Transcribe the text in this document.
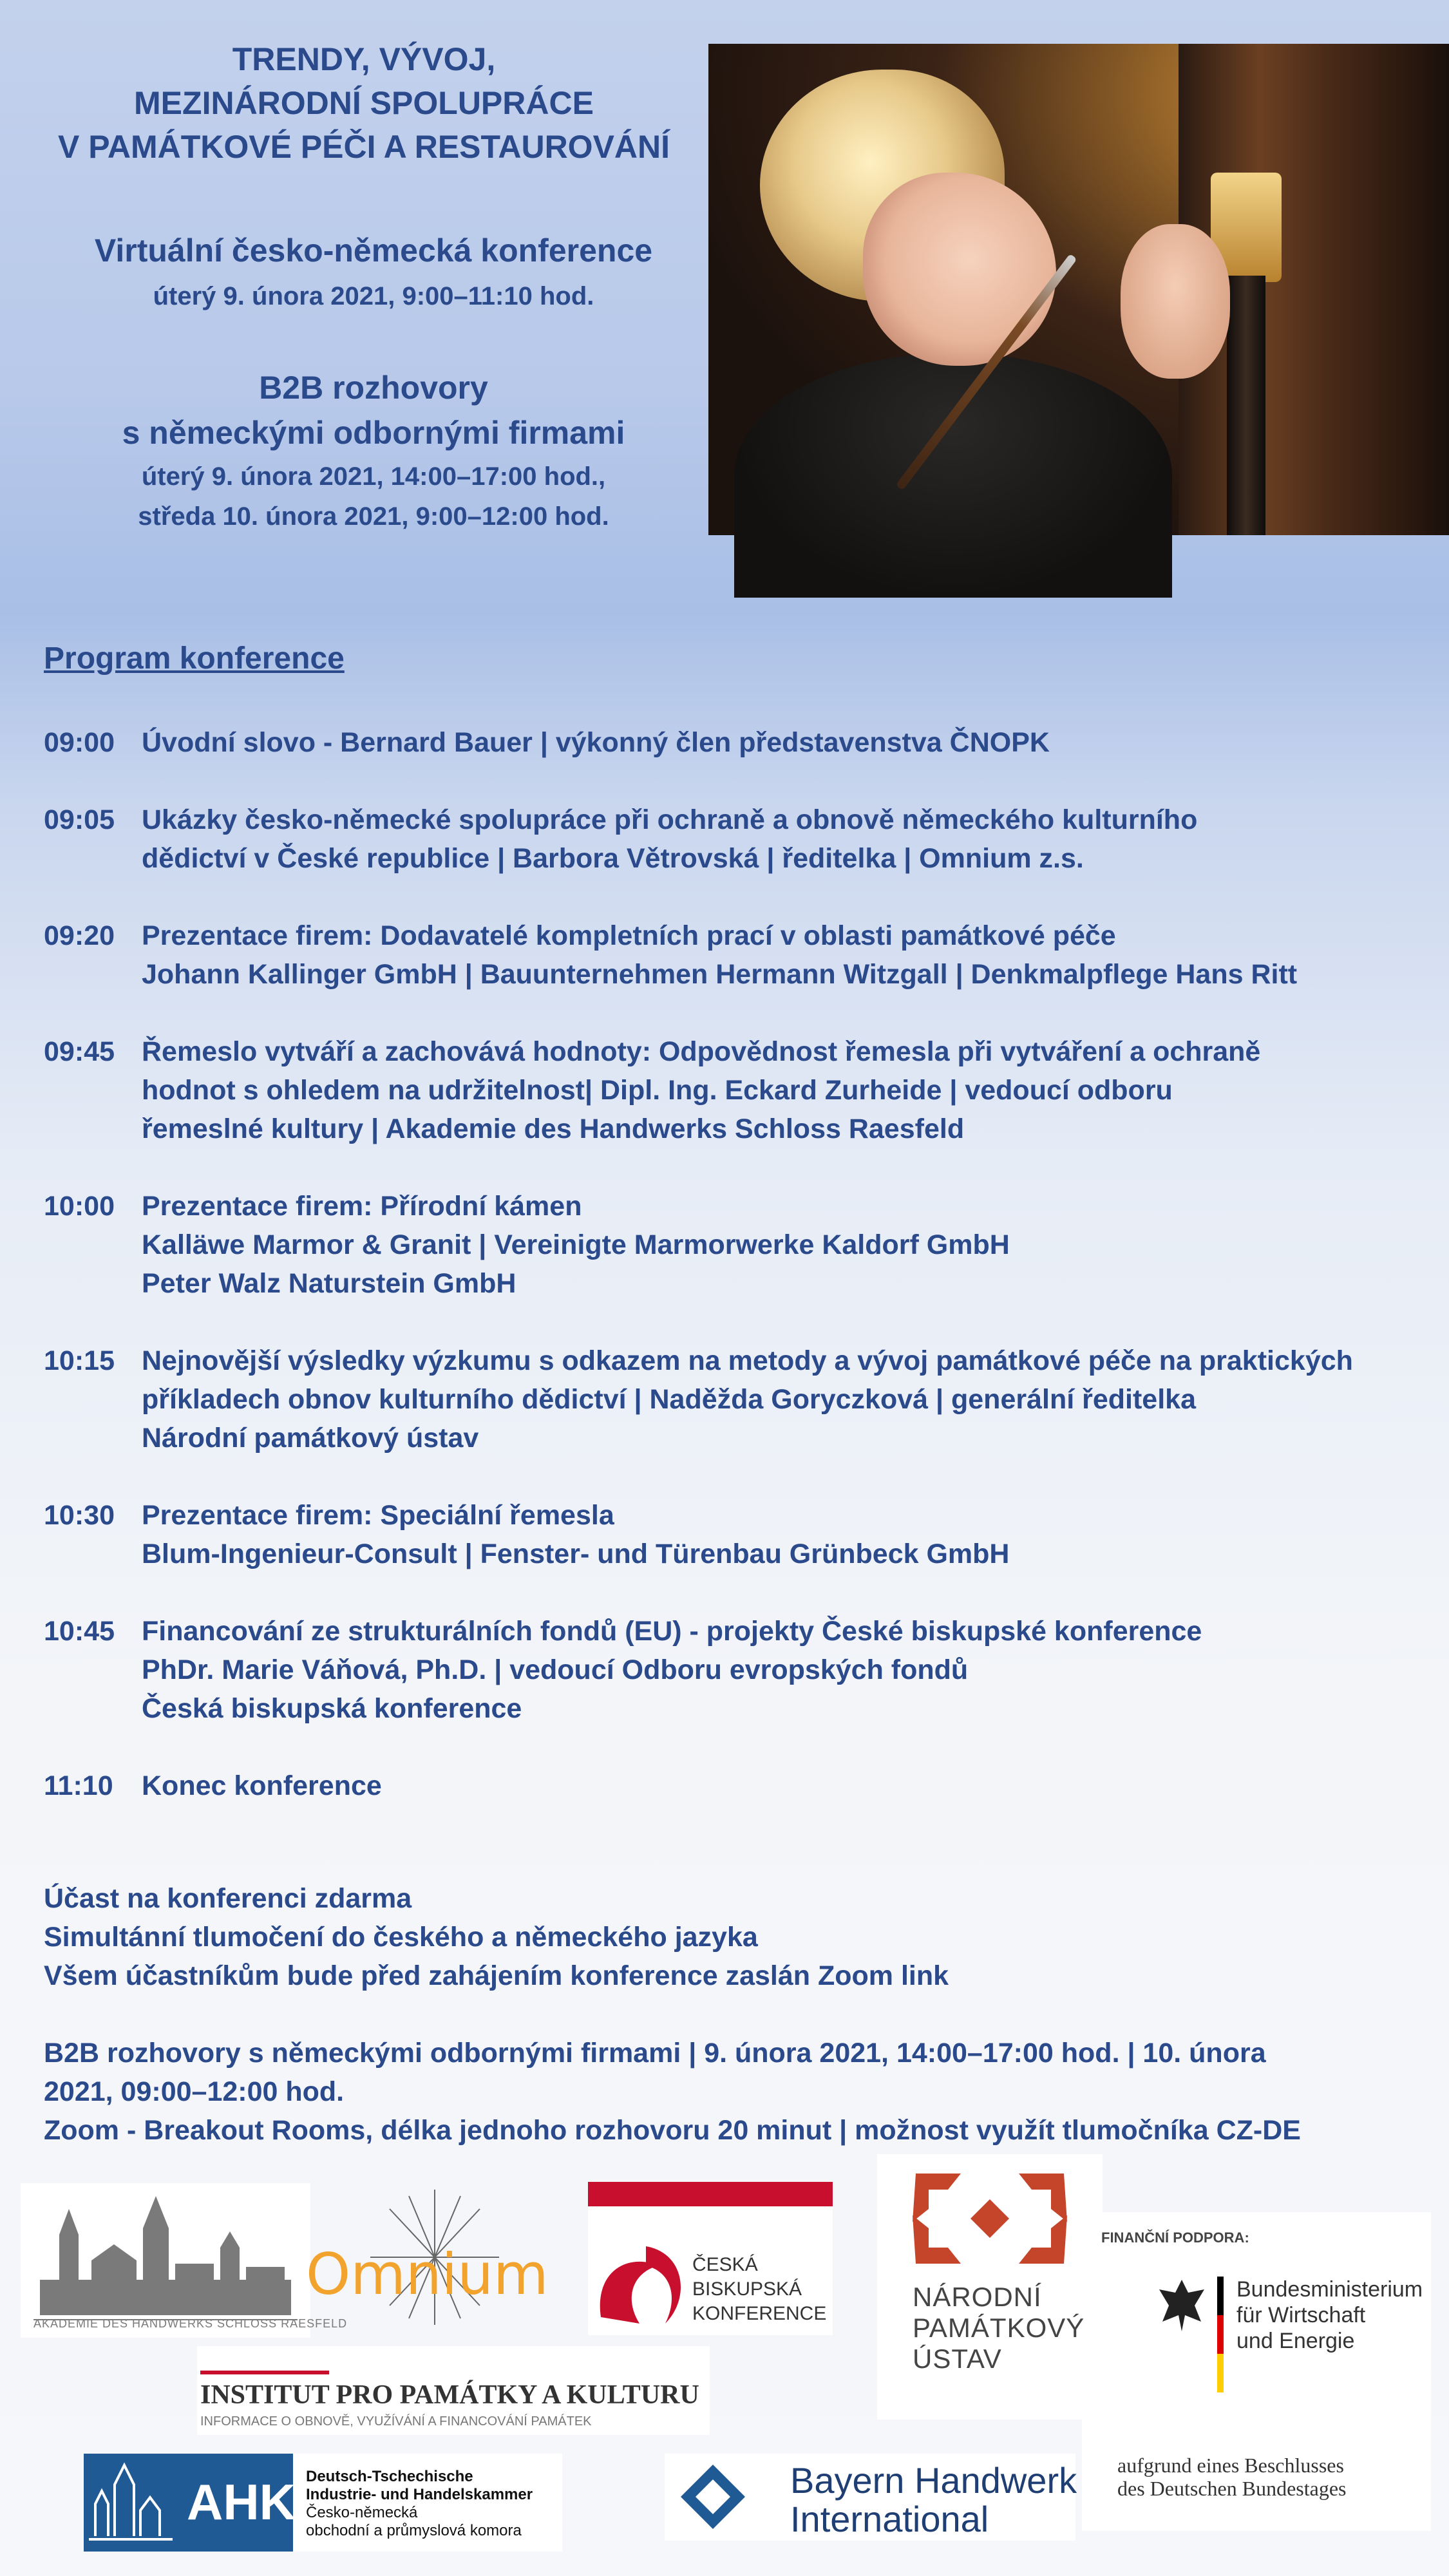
TRENDY, VÝVOJ,
MEZINÁRODNÍ SPOLUPRÁCE
V PAMÁTKOVÉ PÉČI A RESTAUROVÁNÍ
Virtuální česko-německá konference
úterý 9. února 2021, 9:00–11:10 hod.
B2B rozhovory
s německými odbornými firmami
úterý 9. února 2021, 14:00–17:00 hod.,
středa 10. února 2021, 9:00–12:00 hod.
Program konference
09:00 Úvodní slovo - Bernard Bauer | výkonný člen představenstva ČNOPK
09:05 Ukázky česko-německé spolupráce při ochraně a obnově německého kulturního
dědictví v České republice | Barbora Větrovská | ředitelka | Omnium z.s.
09:20 Prezentace firem: Dodavatelé kompletních prací v oblasti památkové péče
Johann Kallinger GmbH | Bauunternehmen Hermann Witzgall | Denkmalpflege Hans Ritt
09:45 Řemeslo vytváří a zachovává hodnoty: Odpovědnost řemesla při vytváření a ochraně
hodnot s ohledem na udržitelnost| Dipl. Ing. Eckard Zurheide | vedoucí odboru
řemeslné kultury | Akademie des Handwerks Schloss Raesfeld
10:00 Prezentace firem: Přírodní kámen
Kalläwe Marmor & Granit | Vereinigte Marmorwerke Kaldorf GmbH
Peter Walz Naturstein GmbH
10:15 Nejnovější výsledky výzkumu s odkazem na metody a vývoj památkové péče na praktických
příkladech obnov kulturního dědictví | Naděžda Goryczková | generální ředitelka
Národní památkový ústav
10:30 Prezentace firem: Speciální řemesla
Blum-Ingenieur-Consult | Fenster- und Türenbau Grünbeck GmbH
10:45 Financování ze strukturálních fondů (EU) - projekty České biskupské konference
PhDr. Marie Váňová, Ph.D. | vedoucí Odboru evropských fondů
Česká biskupská konference
11:10	Konec konference
Účast na konferenci zdarma
Simultánní tlumočení do českého a německého jazyka
Všem účastníkům bude před zahájením konference zaslán Zoom link
B2B rozhovory s německými odbornými firmami | 9. února 2021, 14:00–17:00 hod. | 10. února
2021, 09:00–12:00 hod.
Zoom - Breakout Rooms, délka jednoho rozhovoru 20 minut | možnost využít tlumočníka CZ-DE
AKADEMIE DES HANDWERKS SCHLOSS RAESFELD
Omnium	ČESKÁ
BISKUPSKÁ
KONFERENCE
NÁRODNÍ
PAMÁTKOVÝ
ÚSTAV
FINANČNÍ PODPORA:
Bundesministerium
für Wirtschaft
und Energie
aufgrund eines Beschlusses
des Deutschen Bundestages
INSTITUT PRO PAMÁTKY A KULTURU
INFORMACE O OBNOVĚ, VYUŽÍVÁNÍ A FINANCOVÁNÍ PAMÁTEK
AHK Deutsch-Tschechische
Industrie- und Handelskammer
Česko-německá
obchodní a průmyslová komora
Bayern Handwerk
International
